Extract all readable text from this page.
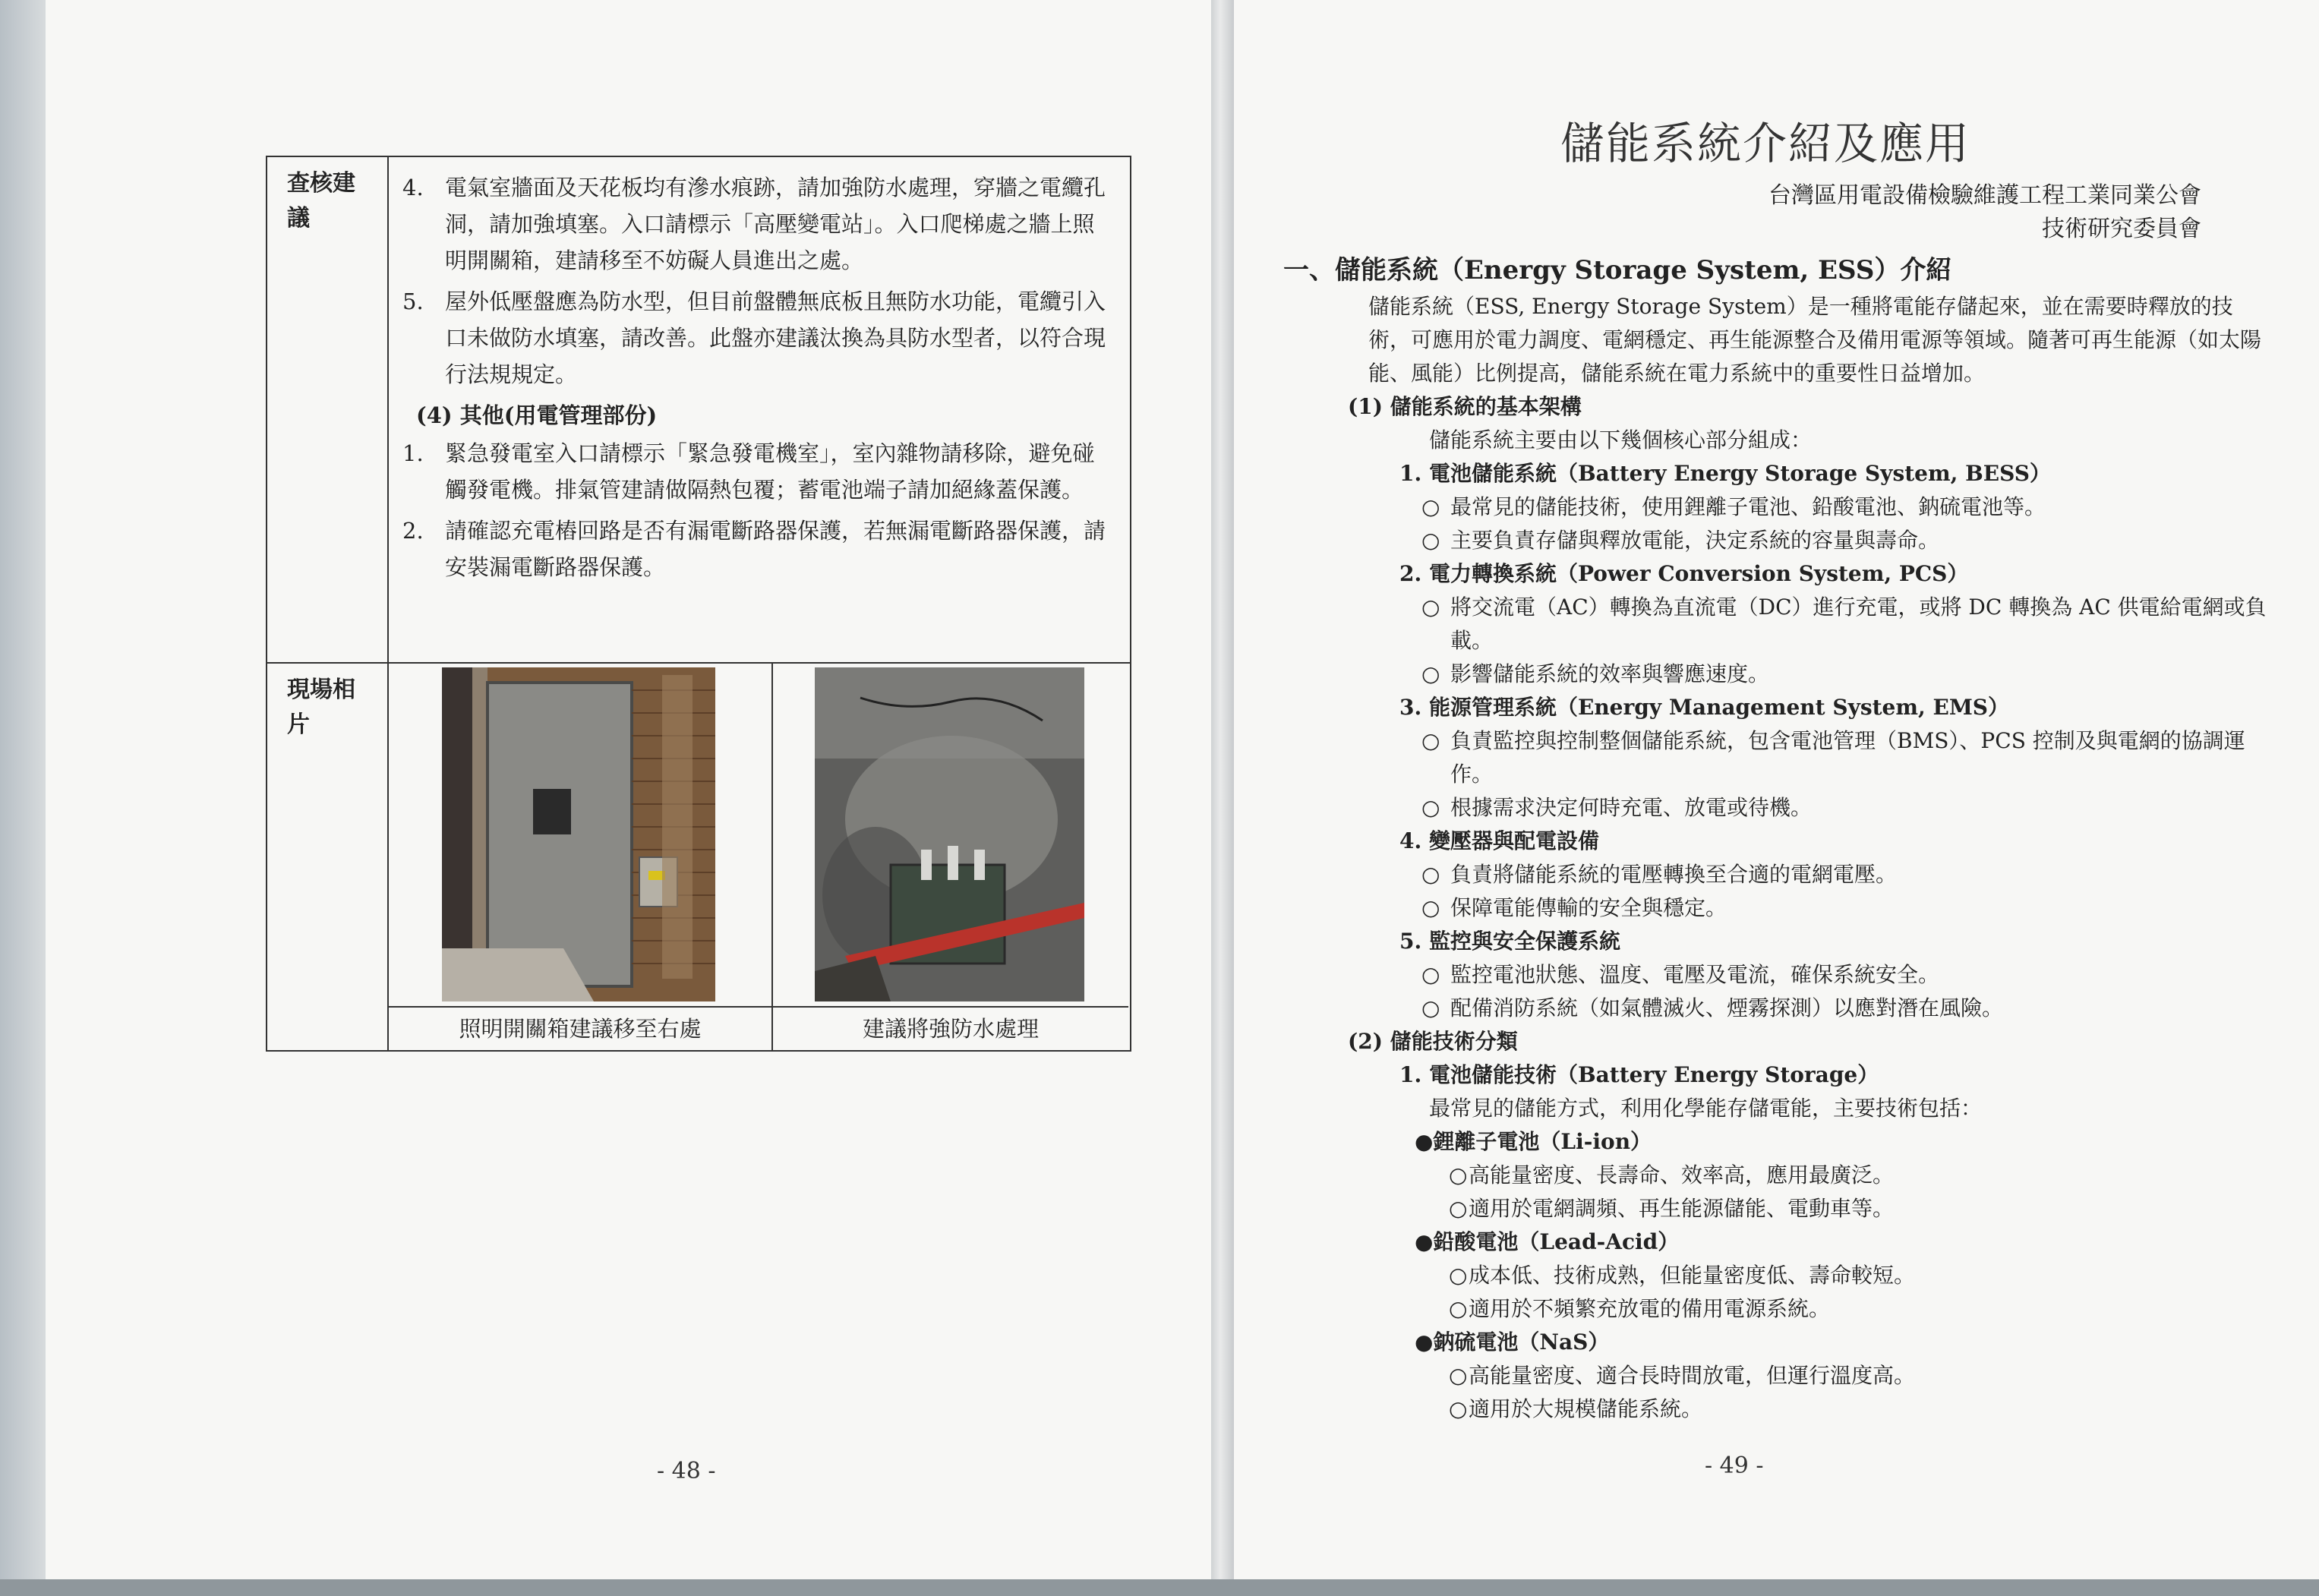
查核建議
4. 電氣室牆面及天花板均有滲水痕跡，請加強防水處理，穿牆之電纜孔洞，請加強填塞。入口請標示「高壓變電站」。入口爬梯處之牆上照明開關箱，建請移至不妨礙人員進出之處。
5. 屋外低壓盤應為防水型，但目前盤體無底板且無防水功能，電纜引入口未做防水填塞，請改善。此盤亦建議汰換為具防水型者，以符合現行法規規定。
(4) 其他(用電管理部份)
1. 緊急發電室入口請標示「緊急發電機室」，室內雜物請移除，避免碰觸發電機。排氣管建請做隔熱包覆；蓄電池端子請加絕緣蓋保護。
2. 請確認充電樁回路是否有漏電斷路器保護，若無漏電斷路器保護，請安裝漏電斷路器保護。
現場相片
照明開關箱建議移至右處	建議將強防水處理
- 48 -
儲能系統介紹及應用
台灣區用電設備檢驗維護工程工業同業公會
技術研究委員會
一、儲能系統（Energy Storage System, ESS）介紹
儲能系統（ESS, Energy Storage System）是一種將電能存儲起來，並在需要時釋放的技術，可應用於電力調度、電網穩定、再生能源整合及備用電源等領域。隨著可再生能源（如太陽能、風能）比例提高，儲能系統在電力系統中的重要性日益增加。
(1) 儲能系統的基本架構
儲能系統主要由以下幾個核心部分組成：
1. 電池儲能系統（Battery Energy Storage System, BESS）
○ 最常見的儲能技術，使用鋰離子電池、鉛酸電池、鈉硫電池等。
○ 主要負責存儲與釋放電能，決定系統的容量與壽命。
2. 電力轉換系統（Power Conversion System, PCS）
○ 將交流電（AC）轉換為直流電（DC）進行充電，或將 DC 轉換為 AC 供電給電網或負載。
○ 影響儲能系統的效率與響應速度。
3. 能源管理系統（Energy Management System, EMS）
○ 負責監控與控制整個儲能系統，包含電池管理（BMS）、PCS 控制及與電網的協調運作。
○ 根據需求決定何時充電、放電或待機。
4. 變壓器與配電設備
○ 負責將儲能系統的電壓轉換至合適的電網電壓。
○ 保障電能傳輸的安全與穩定。
5. 監控與安全保護系統
○ 監控電池狀態、溫度、電壓及電流，確保系統安全。
○ 配備消防系統（如氣體滅火、煙霧探測）以應對潛在風險。
(2) 儲能技術分類
1. 電池儲能技術（Battery Energy Storage）
最常見的儲能方式，利用化學能存儲電能，主要技術包括：
●鋰離子電池（Li-ion）
○ 高能量密度、長壽命、效率高，應用最廣泛。
○ 適用於電網調頻、再生能源儲能、電動車等。
●鉛酸電池（Lead-Acid）
○ 成本低、技術成熟，但能量密度低、壽命較短。
○ 適用於不頻繁充放電的備用電源系統。
●鈉硫電池（NaS）
○ 高能量密度、適合長時間放電，但運行溫度高。
○ 適用於大規模儲能系統。
- 49 -
